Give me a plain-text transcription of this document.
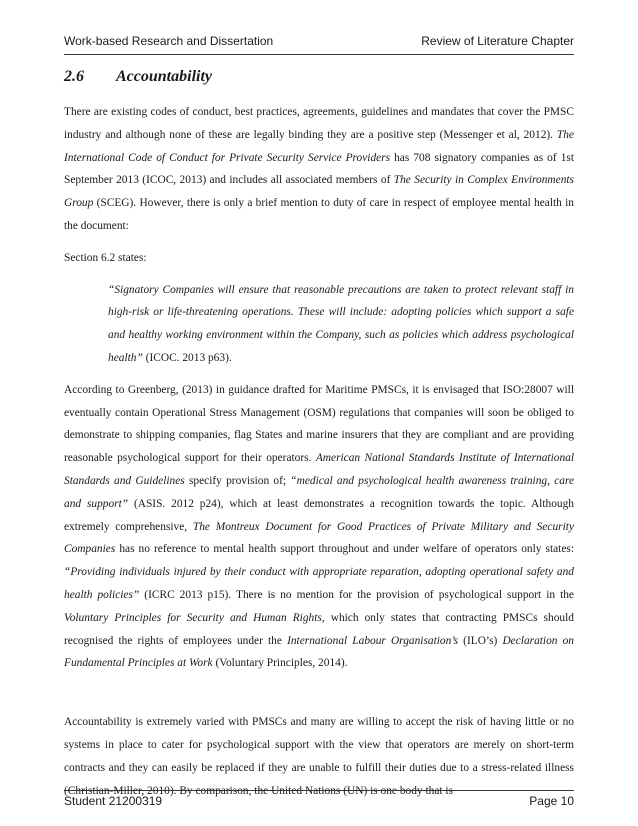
Work-based Research and Dissertation	Review of Literature Chapter
2.6 Accountability

There are existing codes of conduct, best practices, agreements, guidelines and mandates that cover the PMSC industry and although none of these are legally binding they are a positive step (Messenger et al, 2012). The International Code of Conduct for Private Security Service Providers has 708 signatory companies as of 1st September 2013 (ICOC, 2013) and includes all associated members of The Security in Complex Environments Group (SCEG). However, there is only a brief mention to duty of care in respect of employee mental health in the document:

Section 6.2 states:

“Signatory Companies will ensure that reasonable precautions are taken to protect relevant staff in high-risk or life-threatening operations. These will include: adopting policies which support a safe and healthy working environment within the Company, such as policies which address psychological health” (ICOC. 2013 p63).

According to Greenberg, (2013) in guidance drafted for Maritime PMSCs, it is envisaged that ISO:28007 will eventually contain Operational Stress Management (OSM) regulations that companies will soon be obliged to demonstrate to shipping companies, flag States and marine insurers that they are compliant and are providing reasonable psychological support for their operators. American National Standards Institute of International Standards and Guidelines specify provision of; “medical and psychological health awareness training, care and support” (ASIS. 2012 p24), which at least demonstrates a recognition towards the topic. Although extremely comprehensive, The Montreux Document for Good Practices of Private Military and Security Companies has no reference to mental health support throughout and under welfare of operators only states: “Providing individuals injured by their conduct with appropriate reparation, adopting operational safety and health policies” (ICRC 2013 p15). There is no mention for the provision of psychological support in the Voluntary Principles for Security and Human Rights, which only states that contracting PMSCs should recognised the rights of employees under the International Labour Organisation’s (ILO’s) Declaration on Fundamental Principles at Work (Voluntary Principles, 2014).

Accountability is extremely varied with PMSCs and many are willing to accept the risk of having little or no systems in place to cater for psychological support with the view that operators are merely on short-term contracts and they can easily be replaced if they are unable to fulfill their duties due to a stress-related illness (Christian-Miller, 2010). By comparison, the United Nations (UN) is one body that is

Student 21200319	Page 10
